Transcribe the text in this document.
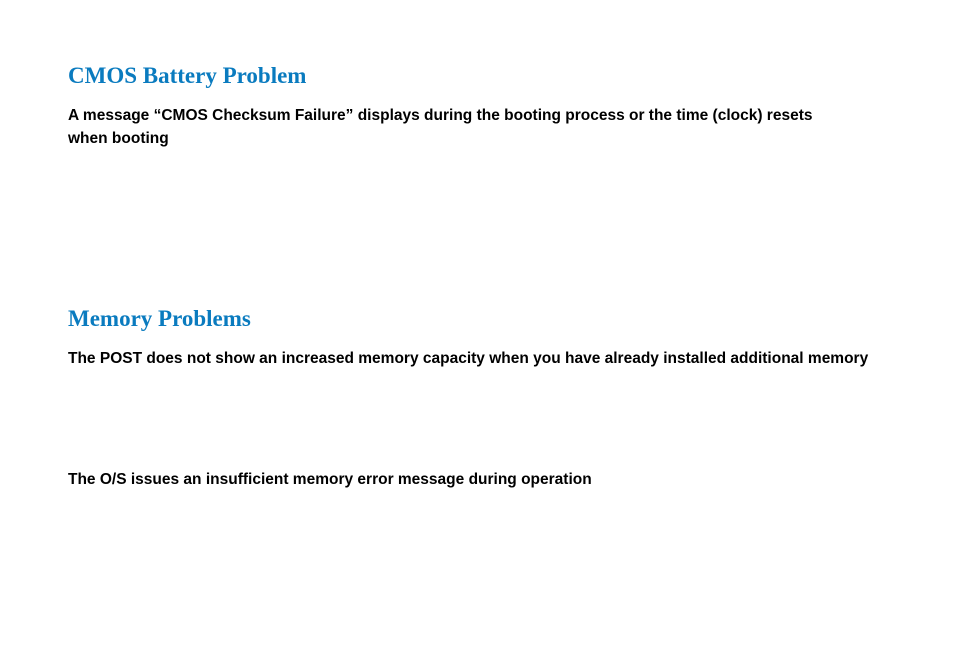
CMOS Battery Problem

A message “CMOS Checksum Failure” displays during the booting process or the time (clock) resets when booting

Memory Problems

The POST does not show an increased memory capacity when you have already installed additional memory

The O/S issues an insufficient memory error message during operation
